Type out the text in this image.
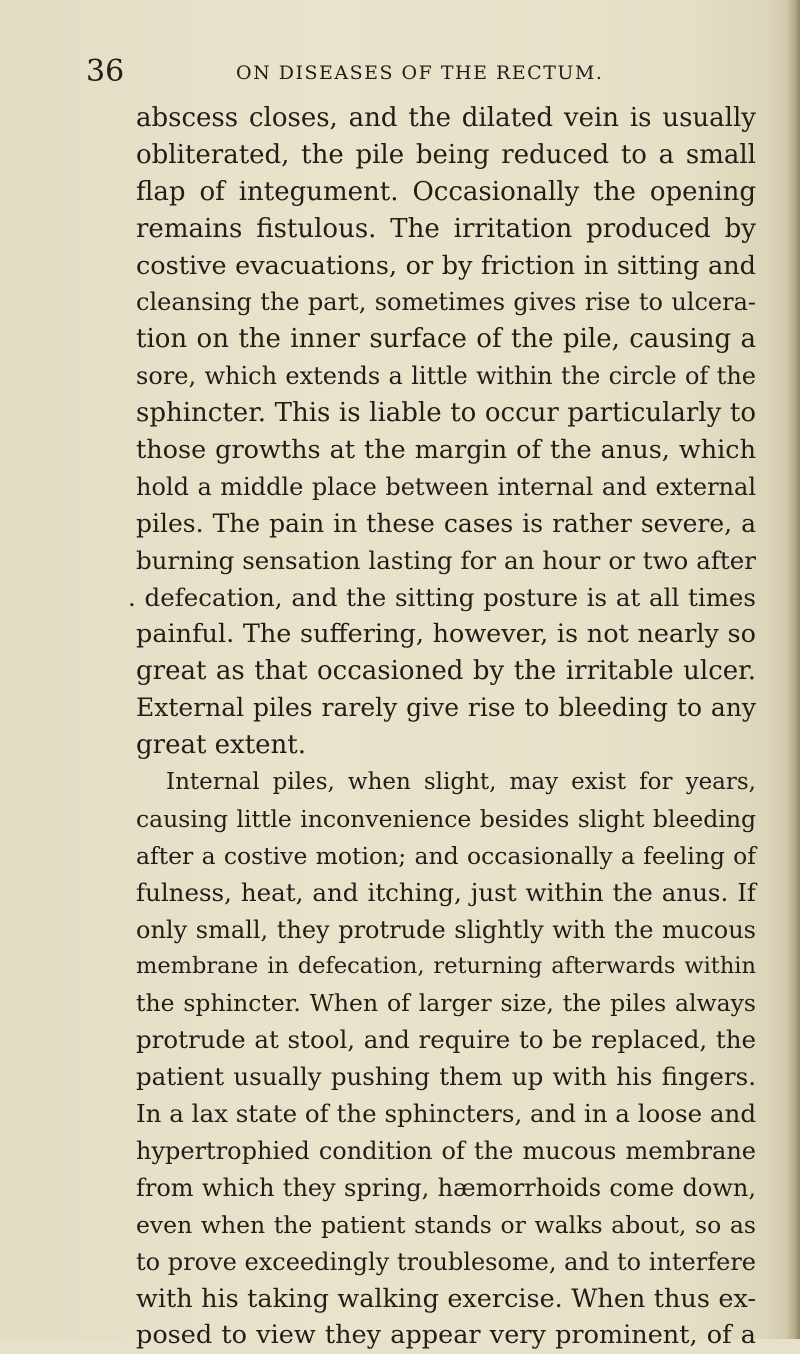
36	ON DISEASES OF THE RECTUM.
abscess closes, and the dilated vein is usually
obliterated, the pile being reduced to a small
flap of integument. Occasionally the opening
remains fistulous. The irritation produced by
costive evacuations, or by friction in sitting and
cleansing the part, sometimes gives rise to ulcera-
tion on the inner surface of the pile, causing a
sore, which extends a little within the circle of the
sphincter. This is liable to occur particularly to
those growths at the margin of the anus, which
hold a middle place between internal and external
piles. The pain in these cases is rather severe, a
burning sensation lasting for an hour or two after
. defecation, and the sitting posture is at all times
painful. The suffering, however, is not nearly so
great as that occasioned by the irritable ulcer.
External piles rarely give rise to bleeding to any
great extent.
Internal piles, when slight, may exist for years,
causing little inconvenience besides slight bleeding
after a costive motion; and occasionally a feeling of
fulness, heat, and itching, just within the anus. If
only small, they protrude slightly with the mucous
membrane in defecation, returning afterwards within
the sphincter. When of larger size, the piles always
protrude at stool, and require to be replaced, the
patient usually pushing them up with his fingers.
In a lax state of the sphincters, and in a loose and
hypertrophied condition of the mucous membrane
from which they spring, hæmorrhoids come down,
even when the patient stands or walks about, so as
to prove exceedingly troublesome, and to interfere
with his taking walking exercise. When thus ex-
posed to view they appear very prominent, of a
